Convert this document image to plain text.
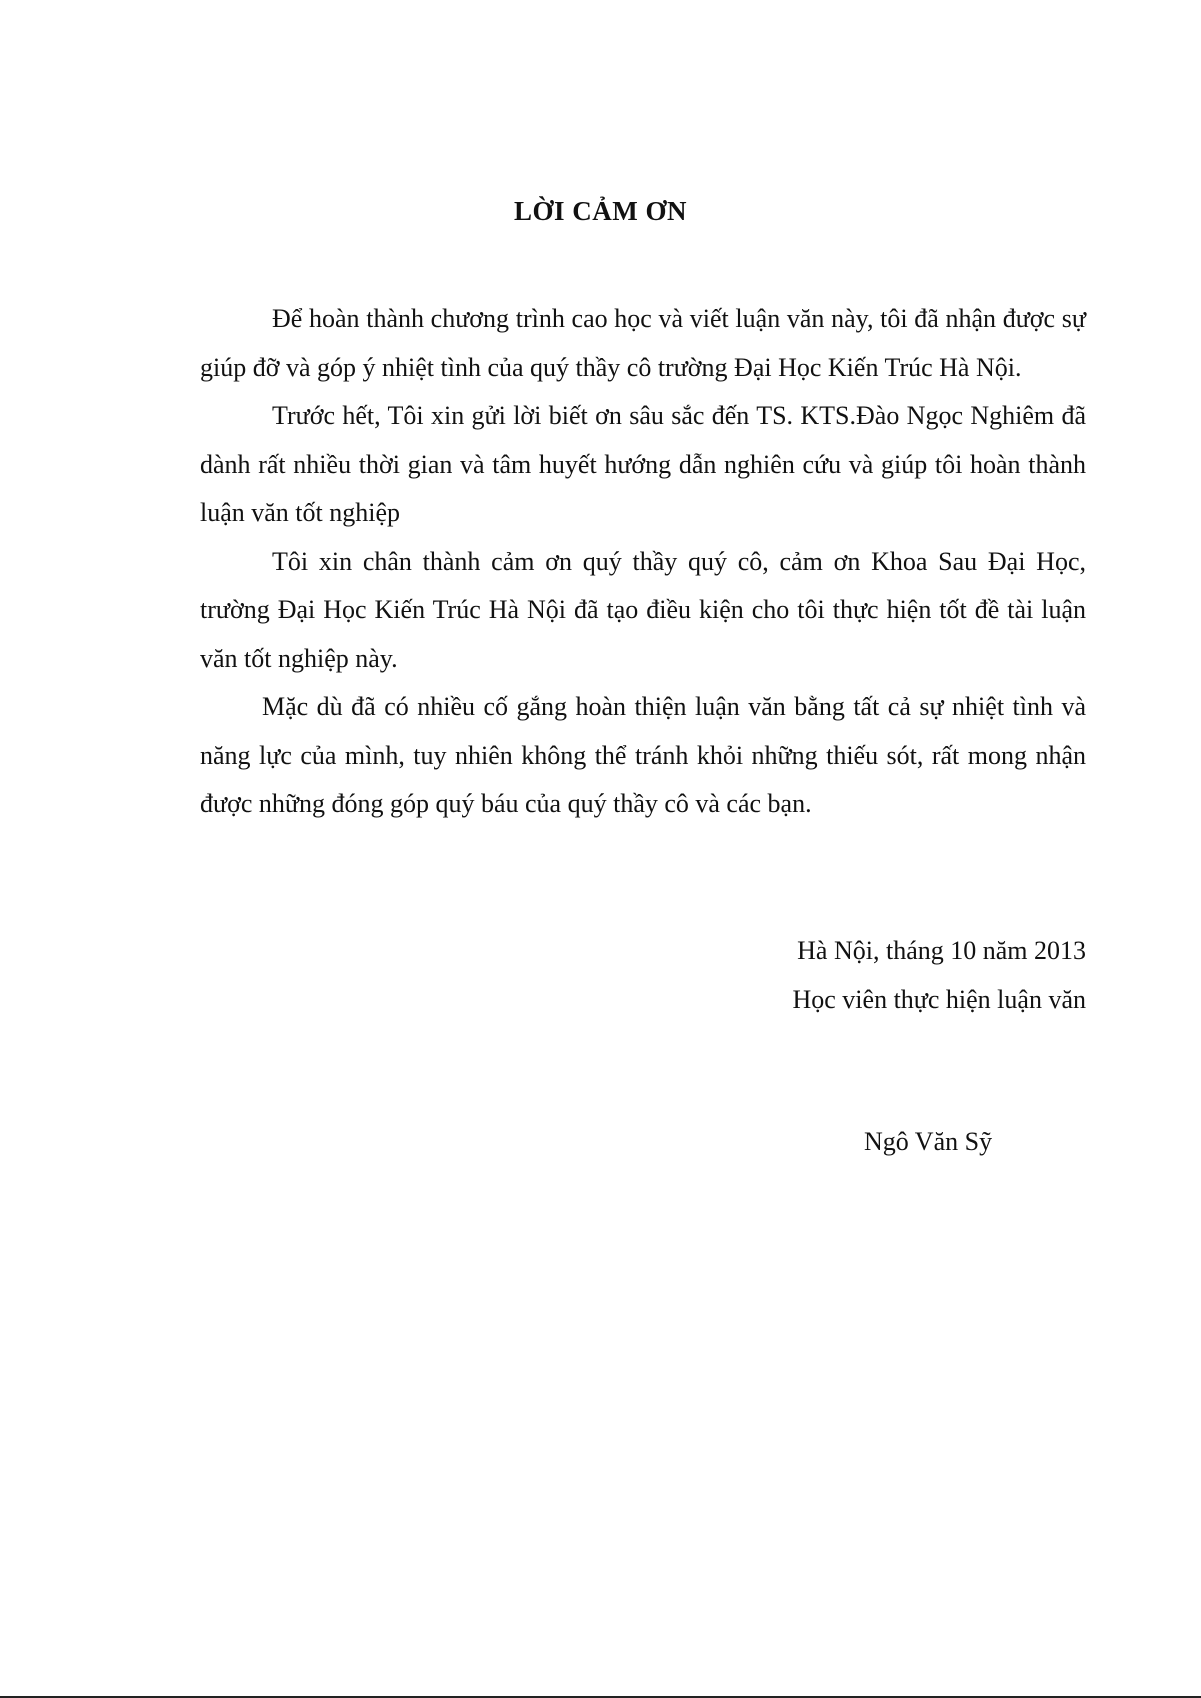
LỜI CẢM ƠN

Để hoàn thành chương trình cao học và viết luận văn này, tôi đã nhận được sự giúp đỡ và góp ý nhiệt tình của quý thầy cô trường Đại Học Kiến Trúc Hà Nội.

Trước hết, Tôi xin gửi lời biết ơn sâu sắc đến TS. KTS.Đào Ngọc Nghiêm đã dành rất nhiều thời gian và tâm huyết hướng dẫn nghiên cứu và giúp tôi hoàn thành luận văn tốt nghiệp

Tôi xin chân thành cảm ơn quý thầy quý cô, cảm ơn Khoa Sau Đại Học, trường Đại Học Kiến Trúc Hà Nội đã tạo điều kiện cho tôi thực hiện tốt đề tài luận văn tốt nghiệp này.

Mặc dù đã có nhiều cố gắng hoàn thiện luận văn bằng tất cả sự nhiệt tình và năng lực của mình, tuy nhiên không thể tránh khỏi những thiếu sót, rất mong nhận được những đóng góp quý báu của quý thầy cô và các bạn.

Hà Nội, tháng 10 năm 2013
Học viên thực hiện luận văn
Ngô Văn Sỹ
